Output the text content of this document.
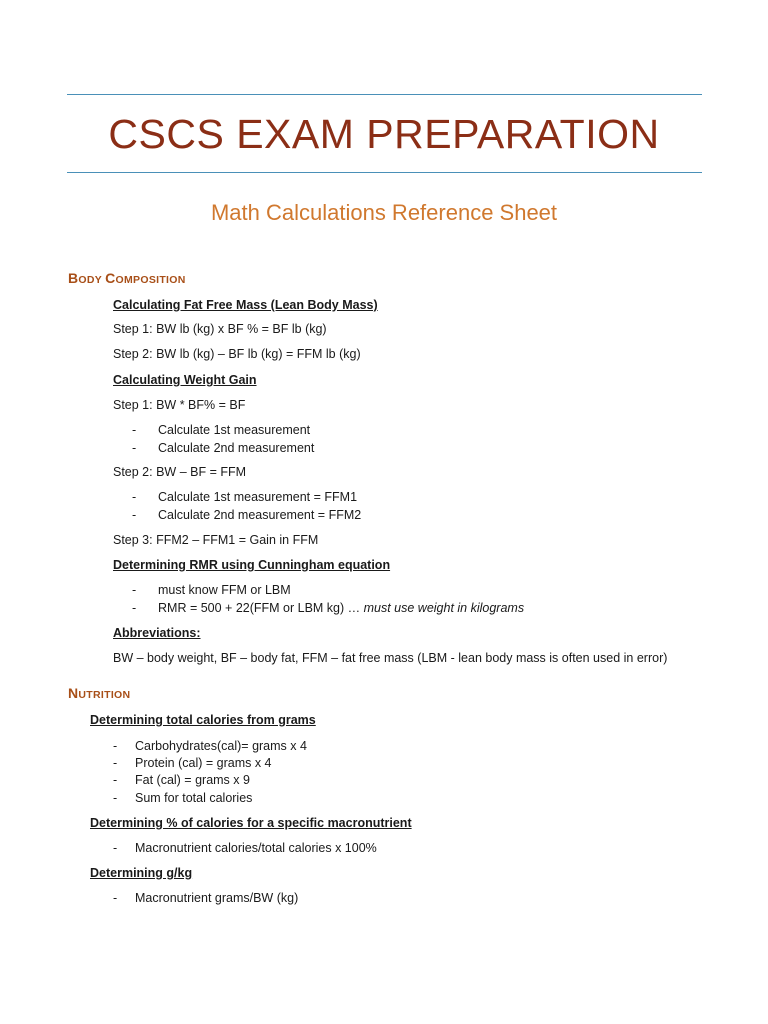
CSCS EXAM PREPARATION
Math Calculations Reference Sheet
BODY COMPOSITION
Calculating Fat Free Mass (Lean Body Mass)
Step 1: BW lb (kg) x BF % = BF lb (kg)
Step 2: BW lb (kg) – BF lb (kg) = FFM lb (kg)
Calculating Weight Gain
Step 1: BW * BF% = BF
- Calculate 1st measurement
- Calculate 2nd measurement
Step 2: BW – BF = FFM
- Calculate 1st measurement = FFM1
- Calculate 2nd measurement = FFM2
Step 3: FFM2 – FFM1 = Gain in FFM
Determining RMR using Cunningham equation
- must know FFM or LBM
- RMR = 500 + 22(FFM or LBM kg) … must use weight in kilograms
Abbreviations:
BW – body weight, BF – body fat, FFM – fat free mass (LBM - lean body mass is often used in error)
NUTRITION
Determining total calories from grams
- Carbohydrates(cal)= grams x 4
- Protein (cal) = grams x 4
- Fat (cal) = grams x 9
- Sum for total calories
Determining % of calories for a specific macronutrient
- Macronutrient calories/total calories x 100%
Determining g/kg
- Macronutrient grams/BW (kg)
